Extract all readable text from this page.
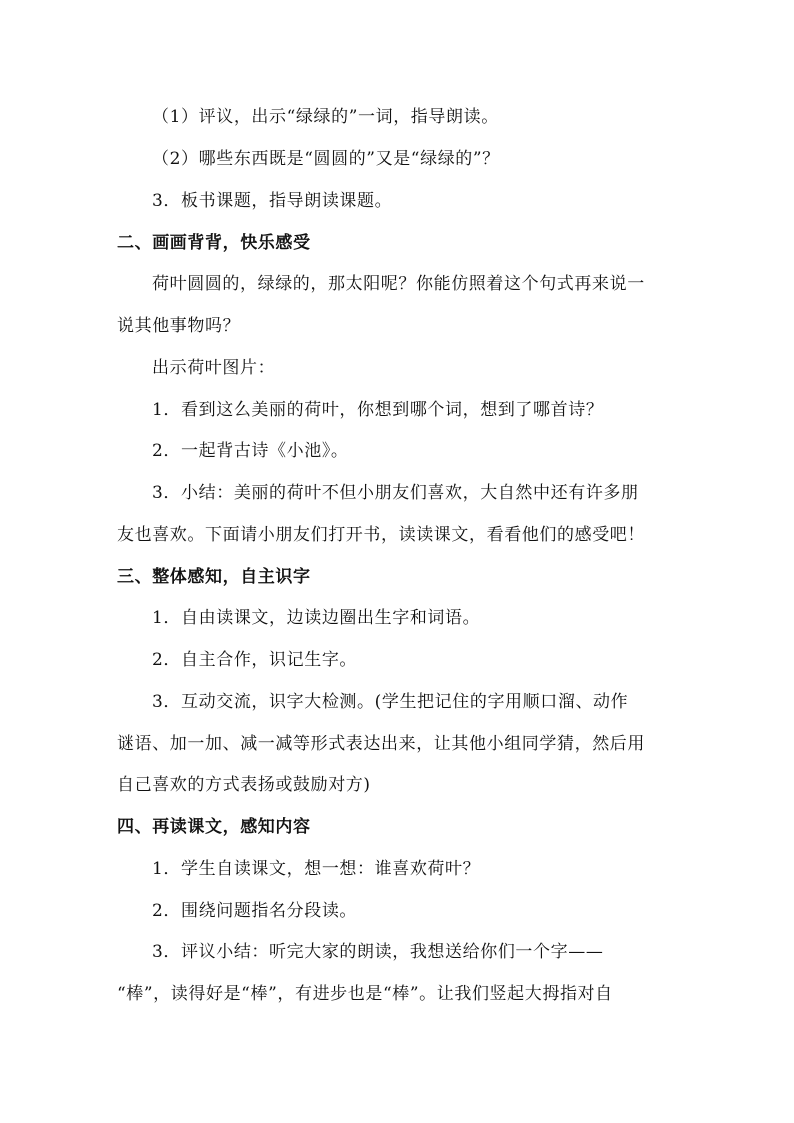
（1）评议，出示“绿绿的”一词，指导朗读。
（2）哪些东西既是“圆圆的”又是“绿绿的”？
3．板书课题，指导朗读课题。
二、画画背背，快乐感受
荷叶圆圆的，绿绿的，那太阳呢？你能仿照着这个句式再来说一
说其他事物吗？
出示荷叶图片：
1．看到这么美丽的荷叶，你想到哪个词，想到了哪首诗？
2．一起背古诗《小池》。
3．小结：美丽的荷叶不但小朋友们喜欢，大自然中还有许多朋
友也喜欢。下面请小朋友们打开书，读读课文，看看他们的感受吧！
三、整体感知，自主识字
1．自由读课文，边读边圈出生字和词语。
2．自主合作，识记生字。
3．互动交流，识字大检测。(学生把记住的字用顺口溜、动作
谜语、加一加、减一减等形式表达出来，让其他小组同学猜，然后用
自己喜欢的方式表扬或鼓励对方)
四、再读课文，感知内容
1．学生自读课文，想一想：谁喜欢荷叶？
2．围绕问题指名分段读。
3．评议小结：听完大家的朗读，我想送给你们一个字——
“棒”，读得好是“棒”，有进步也是“棒”。让我们竖起大拇指对自
